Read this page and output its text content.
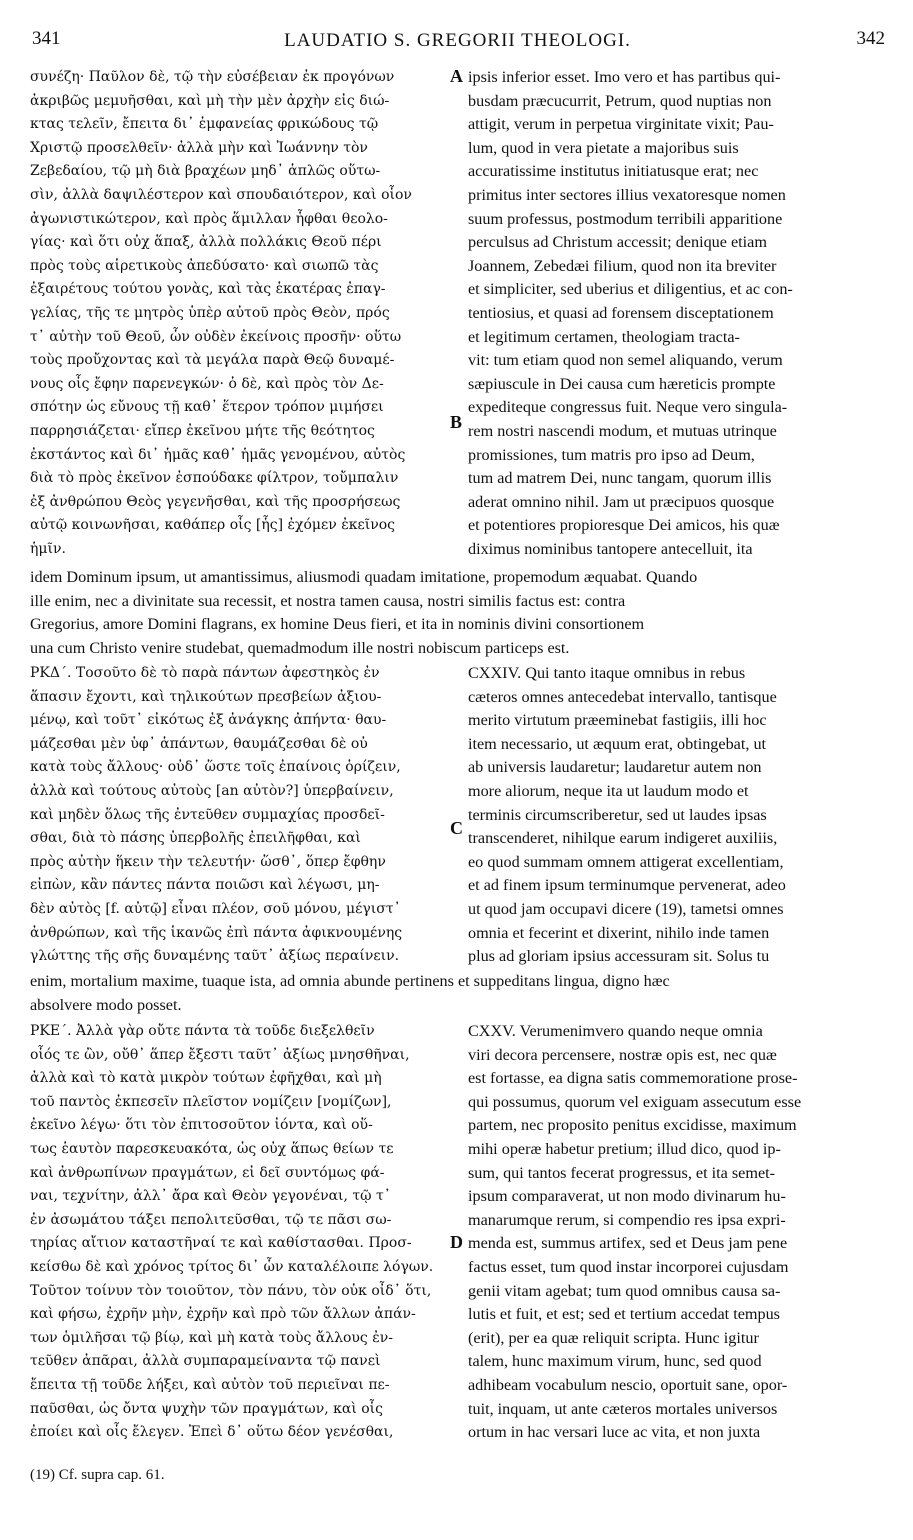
341	LAUDATIO S. GREGORII THEOLOGI.	342
συνέζη· Παῦλον δὲ, τῷ τὴν εὐσέβειαν ἐκ προγόνων
ἀκριβῶς μεμυῆσθαι, καὶ μὴ τὴν μὲν ἀρχὴν εἰς διώ-
κτας τελεῖν, ἔπειτα δι᾽ ἐμφανείας φρικώδους τῷ
Χριστῷ προσελθεῖν· ἀλλὰ μὴν καὶ Ἰωάννην τὸν
Ζεβεδαίου, τῷ μὴ διὰ βραχέων μηδ᾽ ἁπλῶς οὕτω-
σὶν, ἀλλὰ δαψιλέστερον καὶ σπουδαιότερον, καὶ οἷον
ἀγωνιστικώτερον, καὶ πρὸς ἅμιλλαν ἧφθαι θεολο-
γίας· καὶ ὅτι οὐχ ἅπαξ, ἀλλὰ πολλάκις Θεοῦ πέρι
πρὸς τοὺς αἱρετικοὺς ἀπεδύσατο· καὶ σιωπῶ τὰς
ἐξαιρέτους τούτου γονὰς, καὶ τὰς ἑκατέρας ἐπαγ-
γελίας, τῆς τε μητρὸς ὑπὲρ αὐτοῦ πρὸς Θεὸν, πρός
τ᾽ αὐτὴν τοῦ Θεοῦ, ὧν οὐδὲν ἐκείνοις προσῆν· οὕτω
τοὺς προὔχοντας καὶ τὰ μεγάλα παρὰ Θεῷ δυναμέ-
νους οἷς ἔφην παρενεγκών· ὁ δὲ, καὶ πρὸς τὸν Δε-
σπότην ὡς εὔνους τῇ καθ᾽ ἕτερον τρόπον μιμήσει
παρρησιάζεται· εἴπερ ἐκεῖνου μήτε τῆς θεότητος
ἐκστάντος καὶ δι᾽ ἡμᾶς καθ᾽ ἡμᾶς γενομένου, αὐτὸς
διὰ τὸ πρὸς ἐκεῖνον ἐσπούδακε φίλτρον, τοὔμπαλιν
ἐξ ἀνθρώπου Θεὸς γεγενῆσθαι, καὶ τῆς προσρήσεως
αὐτῷ κοινωνῆσαι, καθάπερ οἷς [ἧς] ἐχόμεν ἐκεῖνος
ἡμῖν.
ipsis inferior esset. Imo vero et has partibus qui-
busdam præcucurrit, Petrum, quod nuptias non
attigit, verum in perpetua virginitate vixit; Pau-
lum, quod in vera pietate a majoribus suis
accuratissime institutus initiatusque erat; nec
primitus inter sectores illius vexatoresque nomen
suum professus, postmodum terribili apparitione
perculsus ad Christum accessit; denique etiam
Joannem, Zebedæi filium, quod non ita breviter
et simpliciter, sed uberius et diligentius, et ac con-
tentiosius, et quasi ad forensem disceptationem
et legitimum certamen, theologiam tracta-
vit: tum etiam quod non semel aliquando, verum
sæpiuscule in Dei causa cum hæreticis prompte
expediteque congressus fuit. Neque vero singula-
rem nostri nascendi modum, et mutuas utrinque
promissiones, tum matris pro ipso ad Deum,
tum ad matrem Dei, nunc tangam, quorum illis
aderat omnino nihil. Jam ut præcipuos quosque
et potentiores propioresque Dei amicos, his quæ
diximus nominibus tantopere antecelluit, ita
idem Dominum ipsum, ut amantissimus, aliusmodi quadam imitatione, propemodum æquabat. Quando
ille enim, nec a divinitate sua recessit, et nostra tamen causa, nostri similis factus est: contra
Gregorius, amore Domini flagrans, ex homine Deus fieri, et ita in nominis divini consortionem
una cum Christo venire studebat, quemadmodum ille nostri nobiscum particeps est.
ΡΚΔ΄. Τοσοῦτο δὲ τὸ παρὰ πάντων ἀφεστηκὸς ἐν
ἅπασιν ἔχοντι, καὶ τηλικούτων πρεσβείων ἀξιου-
μένῳ, καὶ τοῦτ᾽ εἰκότως ἐξ ἀνάγκης ἀπήντα· θαυ-
μάζεσθαι μὲν ὑφ᾽ ἁπάντων, θαυμάζεσθαι δὲ οὐ
κατὰ τοὺς ἄλλους· οὐδ᾽ ὥστε τοῖς ἐπαίνοις ὁρίζειν,
ἀλλὰ καὶ τούτους αὐτοὺς [an αὐτὸν?] ὑπερβαίνειν,
καὶ μηδὲν ὅλως τῆς ἐντεῦθεν συμμαχίας προσδεῖ-
σθαι, διὰ τὸ πάσης ὑπερβολῆς ἐπειλῆφθαι, καὶ
πρὸς αὐτὴν ἥκειν τὴν τελευτήν· ὥσθ᾽, ὅπερ ἔφθην
εἰπὼν, κἂν πάντες πάντα ποιῶσι καὶ λέγωσι, μη-
δὲν αὐτὸς [f. αὐτῷ] εἶναι πλέον, σοῦ μόνου, μέγιστ᾽
ἀνθρώπων, καὶ τῆς ἱκανῶς ἐπὶ πάντα ἀφικνουμένης
γλώττης τῆς σῆς δυναμένης ταῦτ᾽ ἀξίως περαίνειν.
CXXIV. Qui tanto itaque omnibus in rebus
cæteros omnes antecedebat intervallo, tantisque
merito virtutum præeminebat fastigiis, illi hoc
item necessario, ut æquum erat, obtingebat, ut
ab universis laudaretur; laudaretur autem non
more aliorum, neque ita ut laudum modo et
terminis circumscriberetur, sed ut laudes ipsas
transcenderet, nihilque earum indigeret auxiliis,
eo quod summam omnem attigerat excellentiam,
et ad finem ipsum terminumque pervenerat, adeo
ut quod jam occupavi dicere (19), tametsi omnes
omnia et fecerint et dixerint, nihilo inde tamen
plus ad gloriam ipsius accessuram sit. Solus tu
enim, mortalium maxime, tuaque ista, ad omnia abunde pertinens et suppeditans lingua, digno hæc
absolvere modo posset.
ΡΚΕ΄. Ἀλλὰ γὰρ οὔτε πάντα τὰ τοῦδε διεξελθεῖν
οἷός τε ὢν, οὔθ᾽ ἅπερ ἔξεστι ταῦτ᾽ ἀξίως μνησθῆναι,
ἀλλὰ καὶ τὸ κατὰ μικρὸν τούτων ἐφῆχθαι, καὶ μὴ
τοῦ παντὸς ἐκπεσεῖν πλεῖστον νομίζειν [νομίζων],
ἐκεῖνο λέγω· ὅτι τὸν ἐπιτοσοῦτον ἰόντα, καὶ οὕ-
τως ἑαυτὸν παρεσκευακότα, ὡς οὐχ ἅπως θείων τε
καὶ ἀνθρωπίνων πραγμάτων, εἰ δεῖ συντόμως φά-
ναι, τεχνίτην, ἀλλ᾽ ἄρα καὶ Θεὸν γεγονέναι, τῷ τ᾽
ἐν ἀσωμάτου τάξει πεπολιτεῦσθαι, τῷ τε πᾶσι σω-
τηρίας αἴτιον καταστῆναί τε καὶ καθίστασθαι. Προσ-
κείσθω δὲ καὶ χρόνος τρίτος δι᾽ ὧν καταλέλοιπε λόγων.
Τοῦτον τοίνυν τὸν τοιοῦτον, τὸν πάνυ, τὸν οὐκ οἶδ᾽ ὅτι,
καὶ φήσω, ἐχρῆν μὴν, ἐχρῆν καὶ πρὸ τῶν ἄλλων ἀπάν-
των ὁμιλῆσαι τῷ βίῳ, καὶ μὴ κατὰ τοὺς ἄλλους ἐν-
τεῦθεν ἀπᾶραι, ἀλλὰ συμπαραμείναντα τῷ πανεὶ
ἔπειτα τῇ τοῦδε λήξει, καὶ αὐτὸν τοῦ περιεῖναι πε-
παῦσθαι, ὡς ὄντα ψυχὴν τῶν πραγμάτων, καὶ οἷς
ἐποίει καὶ οἷς ἔλεγεν. Ἐπεὶ δ᾽ οὕτω δέον γενέσθαι,
CXXV. Verumenimvero quando neque omnia
viri decora percensere, nostræ opis est, nec quæ
est fortasse, ea digna satis commemoratione prose-
qui possumus, quorum vel exiguam assecutum esse
partem, nec proposito penitus excidisse, maximum
mihi operæ habetur pretium; illud dico, quod ip-
sum, qui tantos fecerat progressus, et ita semet-
ipsum comparaverat, ut non modo divinarum hu-
manarumque rerum, si compendio res ipsa expri-
menda est, summus artifex, sed et Deus jam pene
factus esset, tum quod instar incorporei cujusdam
genii vitam agebat; tum quod omnibus causa sa-
lutis et fuit, et est; sed et tertium accedat tempus
(erit), per ea quæ reliquit scripta. Hunc igitur
talem, hunc maximum virum, hunc, sed quod
adhibeam vocabulum nescio, oportuit sane, opor-
tuit, inquam, ut ante cæteros mortales universos
ortum in hac versari luce ac vita, et non juxta
A
B
C
D
(19) Cf. supra cap. 61.
